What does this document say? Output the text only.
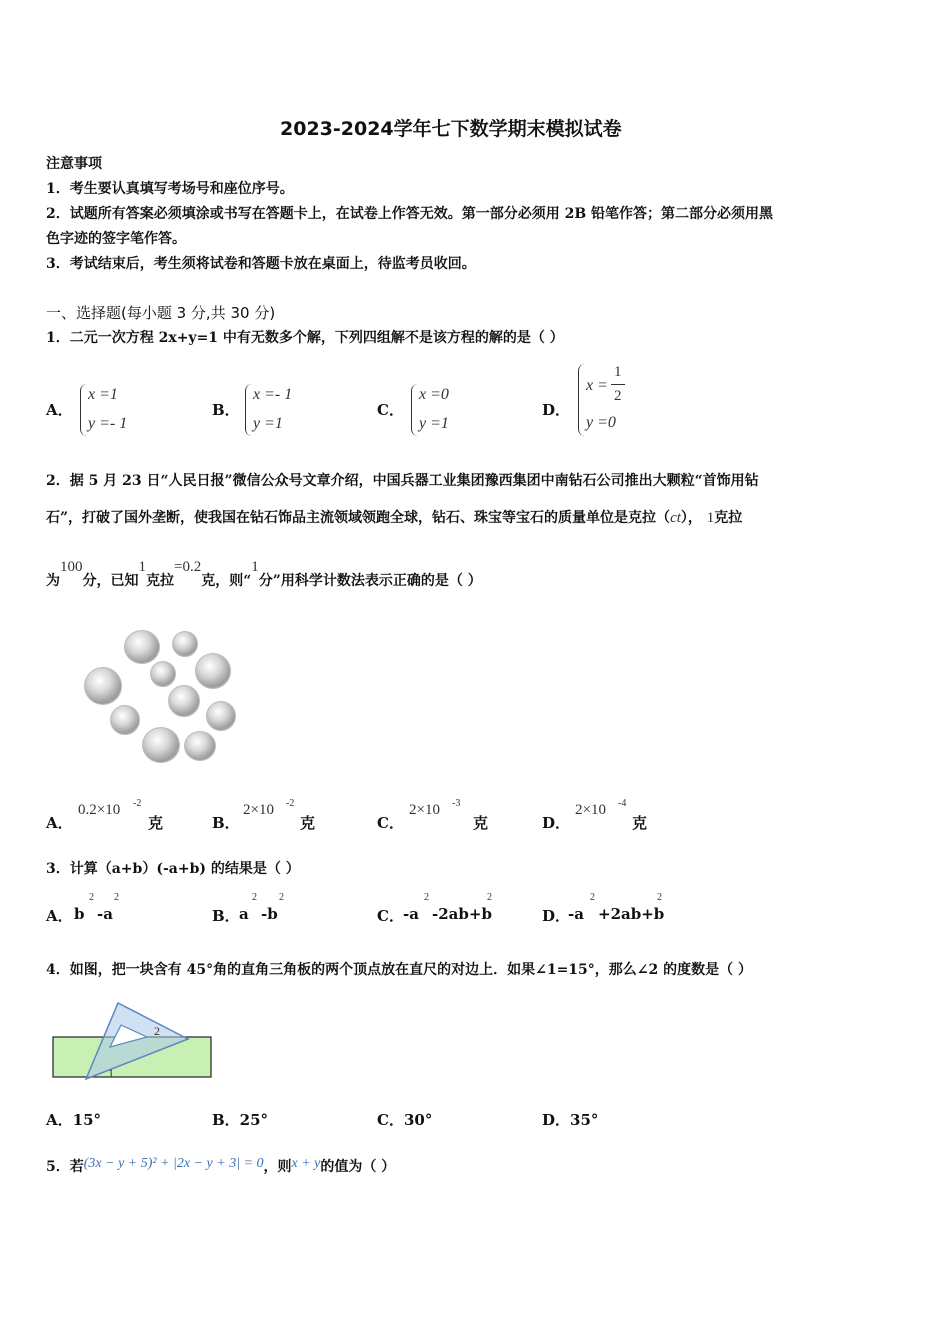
2023-2024学年七下数学期末模拟试卷
注意事项
1．考生要认真填写考场号和座位序号。
2．试题所有答案必须填涂或书写在答题卡上，在试卷上作答无效。第一部分必须用 2B 铅笔作答；第二部分必须用黑
色字迹的签字笔作答。
3．考试结束后，考生须将试卷和答题卡放在桌面上，待监考员收回。
一、选择题(每小题 3 分,共 30 分)
1．二元一次方程 2x+y=1 中有无数多个解，下列四组解不是该方程的解的是（ ）
A．
x =1
y =- 1
B．
x =- 1
y =1
C．
x =0
y =1
D．
x =
1
2
y =0
2．据 5 月 23 日“人民日报”微信公众号文章介绍，中国兵器工业集团豫西集团中南钻石公司推出大颗粒“首饰用钻
石”，打破了国外垄断，使我国在钻石饰品主流领域领跑全球，钻石、珠宝等宝石的质量单位是克拉（ct）， 1克拉
为100分，已知1克拉=0.2克，则“1分”用科学计数法表示正确的是（ ）
A．
0.2×10 -2
克	B．
2×10 -2
克	C．
2×10 -3
克	D．
2×10 -4
克
3．计算（a+b）(-a+b) 的结果是（ ）
A． b
2
-a
2
B． a
2
-b
2
C． -a
2
-2ab+b
2
D．
-a
2
+2ab+b
2
4．如图，把一块含有 45°角的直角三角板的两个顶点放在直尺的对边上．如果∠1=15°，那么∠2 的度数是（ ）
2
1
A．15°	B．25°	C．30°	D．35°
5．若(3x − y + 5)² + |2x − y + 3| = 0，则x + y的值为（ ）
